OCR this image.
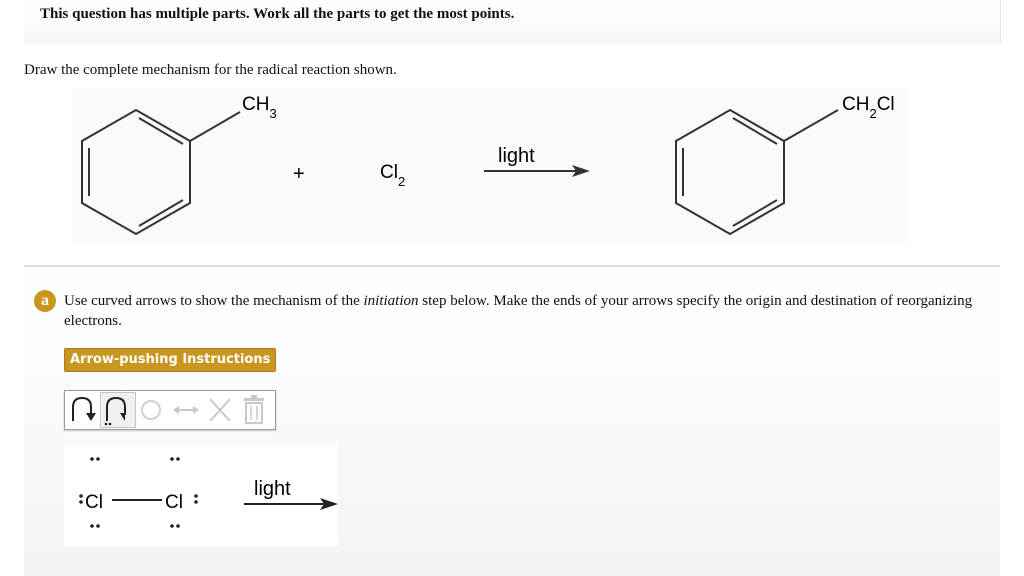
This question has multiple parts. Work all the parts to get the most points.
Draw the complete mechanism for the radical reaction shown.
$CH_3$
+	$Cl_2$
light
$CH_2Cl$
a	Use curved arrows to show the mechanism of the initiation step below. Make the ends of your arrows specify the origin and destination of reorganizing electrons.
Arrow-pushing Instructions
Cl	Cl
light
